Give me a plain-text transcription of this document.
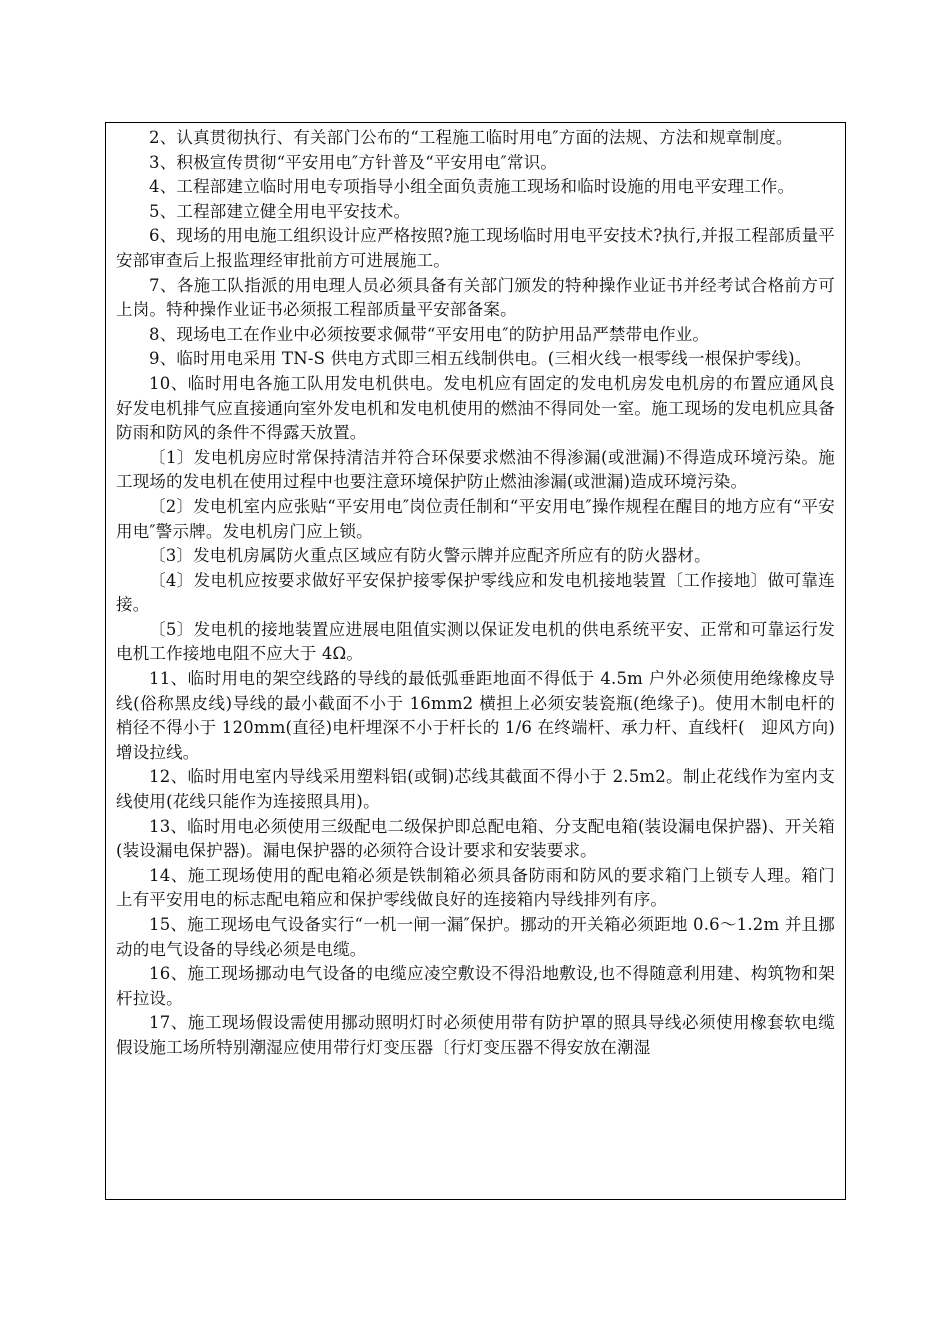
2、认真贯彻执行、有关部门公布的“工程施工临时用电″方面的法规、方法和规章制度。

3、积极宣传贯彻“平安用电″方针普及“平安用电″常识。

4、工程部建立临时用电专项指导小组全面负责施工现场和临时设施的用电平安理工作。

5、工程部建立健全用电平安技术。

6、现场的用电施工组织设计应严格按照?施工现场临时用电平安技术?执行,并报工程部质量平安部审查后上报监理经审批前方可进展施工。

7、各施工队指派的用电理人员必须具备有关部门颁发的特种操作业证书并经考试合格前方可上岗。特种操作业证书必须报工程部质量平安部备案。

8、现场电工在作业中必须按要求佩带“平安用电″的防护用品严禁带电作业。

9、临时用电采用 TN-S 供电方式即三相五线制供电。(三相火线一根零线一根保护零线)。

10、临时用电各施工队用发电机供电。发电机应有固定的发电机房发电机房的布置应通风良好发电机排气应直接通向室外发电机和发电机使用的燃油不得同处一室。施工现场的发电机应具备防雨和防风的条件不得露天放置。

〔1〕发电机房应时常保持清洁并符合环保要求燃油不得渗漏(或泄漏)不得造成环境污染。施工现场的发电机在使用过程中也要注意环境保护防止燃油渗漏(或泄漏)造成环境污染。

〔2〕发电机室内应张贴“平安用电″岗位责任制和“平安用电″操作规程在醒目的地方应有“平安用电″警示牌。发电机房门应上锁。

〔3〕发电机房属防火重点区域应有防火警示牌并应配齐所应有的防火器材。

〔4〕发电机应按要求做好平安保护接零保护零线应和发电机接地装置〔工作接地〕做可靠连接。

〔5〕发电机的接地装置应进展电阻值实测以保证发电机的供电系统平安、正常和可靠运行发电机工作接地电阻不应大于 4Ω。

11、临时用电的架空线路的导线的最低弧垂距地面不得低于 4.5m 户外必须使用绝缘橡皮导线(俗称黑皮线)导线的最小截面不小于 16mm2 横担上必须安装瓷瓶(绝缘子)。使用木制电杆的梢径不得小于 120mm(直径)电杆埋深不小于杆长的 1/6 在终端杆、承力杆、直线杆(　迎风方向)增设拉线。

12、临时用电室内导线采用塑料铝(或铜)芯线其截面不得小于 2.5m2。制止花线作为室内支线使用(花线只能作为连接照具用)。

13、临时用电必须使用三级配电二级保护即总配电箱、分支配电箱(装设漏电保护器)、开关箱(装设漏电保护器)。漏电保护器的必须符合设计要求和安装要求。

14、施工现场使用的配电箱必须是铁制箱必须具备防雨和防风的要求箱门上锁专人理。箱门上有平安用电的标志配电箱应和保护零线做良好的连接箱内导线排列有序。

15、施工现场电气设备实行“一机一闸一漏″保护。挪动的开关箱必须距地 0.6～1.2m 并且挪动的电气设备的导线必须是电缆。

16、施工现场挪动电气设备的电缆应凌空敷设不得沿地敷设,也不得随意利用建、构筑物和架杆拉设。

17、施工现场假设需使用挪动照明灯时必须使用带有防护罩的照具导线必须使用橡套软电缆假设施工场所特别潮湿应使用带行灯变压器〔行灯变压器不得安放在潮湿
